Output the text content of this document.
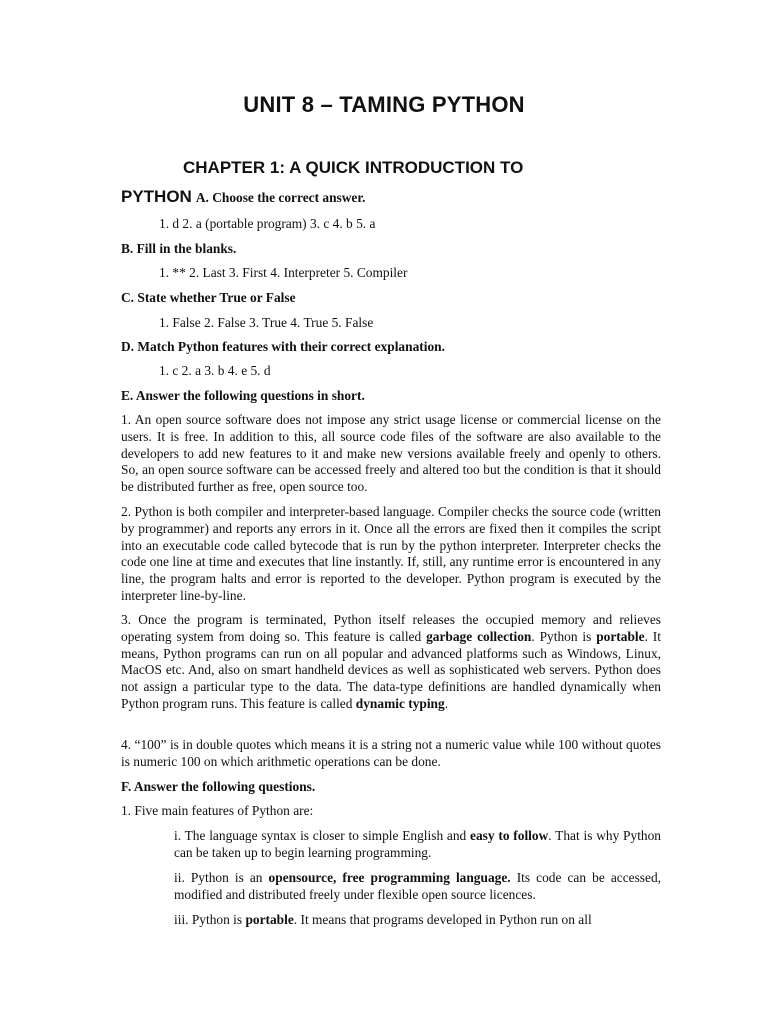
UNIT 8 – TAMING PYTHON
CHAPTER 1: A QUICK INTRODUCTION TO
PYTHON A. Choose the correct answer.
1. d 2. a (portable program) 3. c 4. b 5. a
B. Fill in the blanks.
1. ** 2. Last 3. First 4. Interpreter 5. Compiler
C. State whether True or False
1. False 2. False 3. True 4. True 5. False
D. Match Python features with their correct explanation.
1. c 2. a 3. b 4. e 5. d
E. Answer the following questions in short.
1. An open source software does not impose any strict usage license or commercial license on the users. It is free. In addition to this, all source code files of the software are also available to the developers to add new features to it and make new versions available freely and openly to others. So, an open source software can be accessed freely and altered too but the condition is that it should be distributed further as free, open source too.
2. Python is both compiler and interpreter-based language. Compiler checks the source code (written by programmer) and reports any errors in it. Once all the errors are fixed then it compiles the script into an executable code called bytecode that is run by the python interpreter. Interpreter checks the code one line at time and executes that line instantly. If, still, any runtime error is encountered in any line, the program halts and error is reported to the developer. Python program is executed by the interpreter line-by-line.
3. Once the program is terminated, Python itself releases the occupied memory and relieves operating system from doing so. This feature is called garbage collection. Python is portable. It means, Python programs can run on all popular and advanced platforms such as Windows, Linux, MacOS etc. And, also on smart handheld devices as well as sophisticated web servers. Python does not assign a particular type to the data. The data-type definitions are handled dynamically when Python program runs. This feature is called dynamic typing.
4. “100” is in double quotes which means it is a string not a numeric value while 100 without quotes is numeric 100 on which arithmetic operations can be done.
F. Answer the following questions.
1. Five main features of Python are:
i. The language syntax is closer to simple English and easy to follow. That is why Python can be taken up to begin learning programming.
ii. Python is an opensource, free programming language. Its code can be accessed, modified and distributed freely under flexible open source licences.
iii. Python is portable. It means that programs developed in Python run on all
